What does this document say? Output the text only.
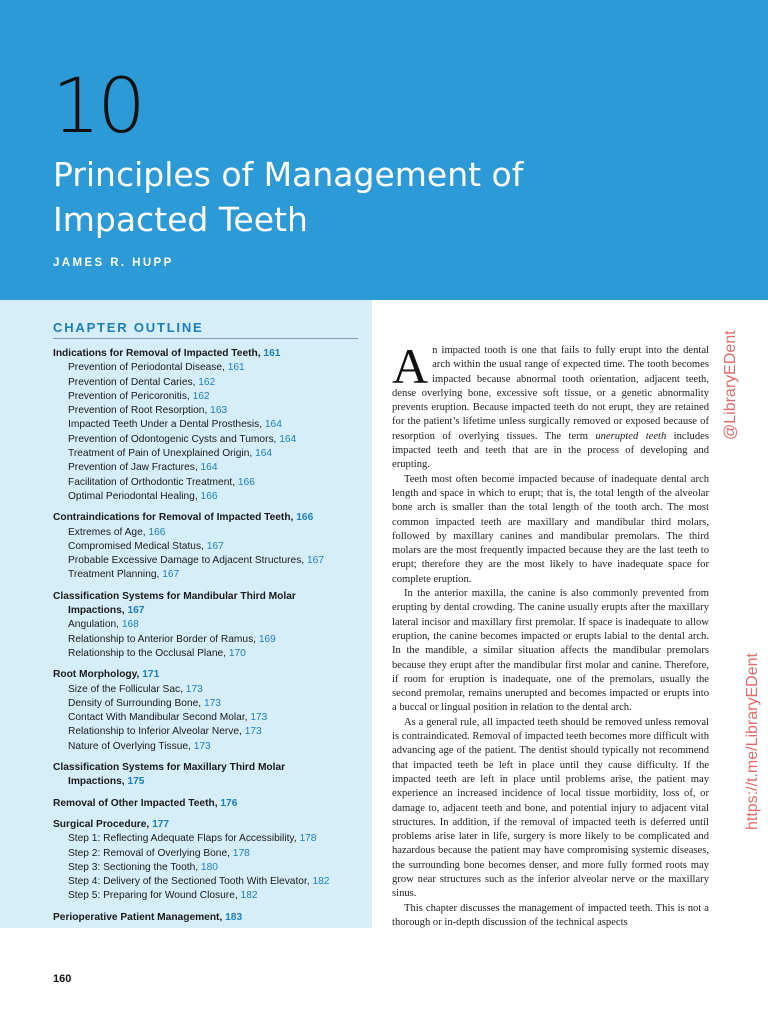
10
Principles of Management of Impacted Teeth
JAMES R. HUPP
CHAPTER OUTLINE
Indications for Removal of Impacted Teeth, 161
Prevention of Periodontal Disease, 161
Prevention of Dental Caries, 162
Prevention of Pericoronitis, 162
Prevention of Root Resorption, 163
Impacted Teeth Under a Dental Prosthesis, 164
Prevention of Odontogenic Cysts and Tumors, 164
Treatment of Pain of Unexplained Origin, 164
Prevention of Jaw Fractures, 164
Facilitation of Orthodontic Treatment, 166
Optimal Periodontal Healing, 166
Contraindications for Removal of Impacted Teeth, 166
Extremes of Age, 166
Compromised Medical Status, 167
Probable Excessive Damage to Adjacent Structures, 167
Treatment Planning, 167
Classification Systems for Mandibular Third Molar
Impactions, 167
Angulation, 168
Relationship to Anterior Border of Ramus, 169
Relationship to the Occlusal Plane, 170
Root Morphology, 171
Size of the Follicular Sac, 173
Density of Surrounding Bone, 173
Contact With Mandibular Second Molar, 173
Relationship to Inferior Alveolar Nerve, 173
Nature of Overlying Tissue, 173
Classification Systems for Maxillary Third Molar
Impactions, 175
Removal of Other Impacted Teeth, 176
Surgical Procedure, 177
Step 1: Reflecting Adequate Flaps for Accessibility, 178
Step 2: Removal of Overlying Bone, 178
Step 3: Sectioning the Tooth, 180
Step 4: Delivery of the Sectioned Tooth With Elevator, 182
Step 5: Preparing for Wound Closure, 182
Perioperative Patient Management, 183

An impacted tooth is one that fails to fully erupt into the dental arch within the usual range of expected time. The tooth becomes impacted because abnormal tooth orientation, adjacent teeth, dense overlying bone, excessive soft tissue, or a genetic abnormality prevents eruption. Because impacted teeth do not erupt, they are retained for the patient’s lifetime unless surgically removed or exposed because of resorption of overlying tissues. The term unerupted teeth includes impacted teeth and teeth that are in the process of developing and erupting.

Teeth most often become impacted because of inadequate dental arch length and space in which to erupt; that is, the total length of the alveolar bone arch is smaller than the total length of the tooth arch. The most common impacted teeth are maxillary and mandibular third molars, followed by maxillary canines and mandibular premolars. The third molars are the most frequently impacted because they are the last teeth to erupt; therefore they are the most likely to have inadequate space for complete eruption.

In the anterior maxilla, the canine is also commonly prevented from erupting by dental crowding. The canine usually erupts after the maxillary lateral incisor and maxillary first premolar. If space is inadequate to allow eruption, the canine becomes impacted or erupts labial to the dental arch. In the mandible, a similar situation affects the mandibular premolars because they erupt after the mandibular first molar and canine. Therefore, if room for eruption is inadequate, one of the premolars, usually the second premolar, remains unerupted and becomes impacted or erupts into a buccal or lingual position in relation to the dental arch.

As a general rule, all impacted teeth should be removed unless removal is contraindicated. Removal of impacted teeth becomes more difficult with advancing age of the patient. The dentist should typically not recommend that impacted teeth be left in place until they cause difficulty. If the impacted teeth are left in place until problems arise, the patient may experience an increased incidence of local tissue morbidity, loss of, or damage to, adjacent teeth and bone, and potential injury to adjacent vital structures. In addition, if the removal of impacted teeth is deferred until problems arise later in life, surgery is more likely to be complicated and hazardous because the patient may have compromising systemic diseases, the surrounding bone becomes denser, and more fully formed roots may grow near structures such as the inferior alveolar nerve or the maxillary sinus.

This chapter discusses the management of impacted teeth. This is not a thorough or in-depth discussion of the technical aspects

160
@LibraryEDent
https://t.me/LibraryEDent
